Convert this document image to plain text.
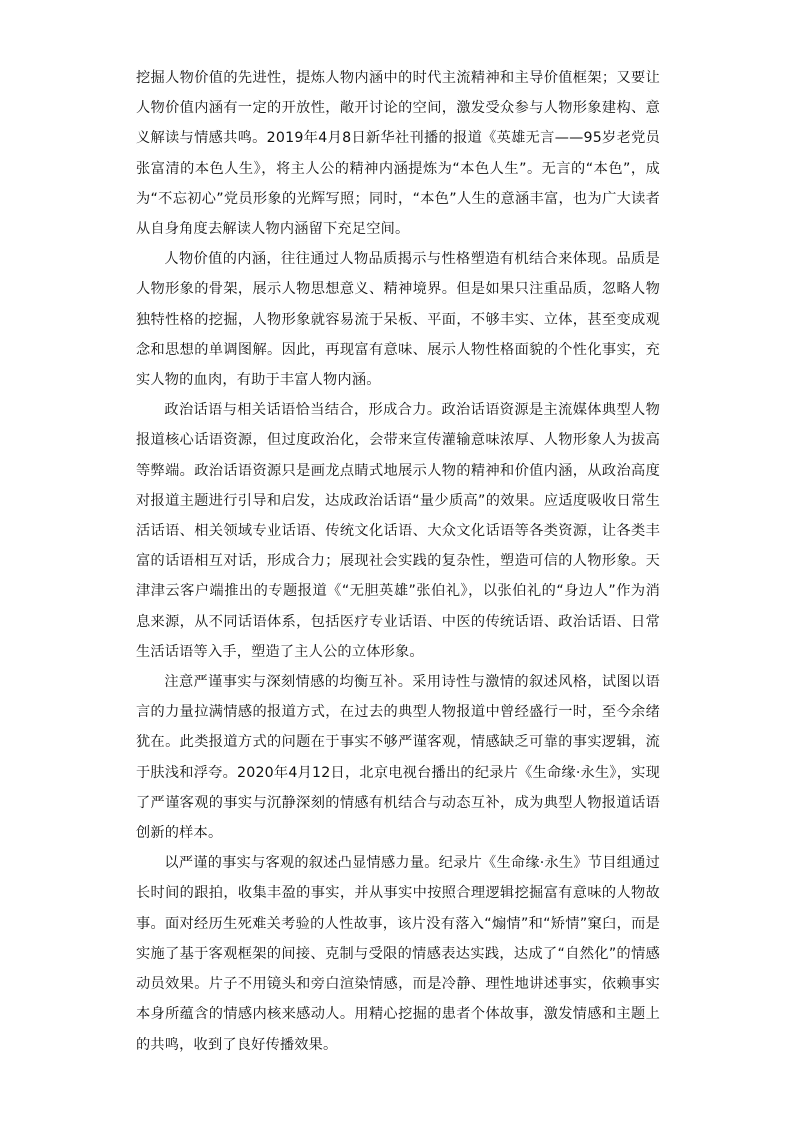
挖掘人物价值的先进性，提炼人物内涵中的时代主流精神和主导价值框架；又要让人物价值内涵有一定的开放性，敞开讨论的空间，激发受众参与人物形象建构、意义解读与情感共鸣。2019年4月8日新华社刊播的报道《英雄无言——95岁老党员张富清的本色人生》，将主人公的精神内涵提炼为“本色人生”。无言的“本色”，成为“不忘初心”党员形象的光辉写照；同时，“本色”人生的意涵丰富，也为广大读者从自身角度去解读人物内涵留下充足空间。

人物价值的内涵，往往通过人物品质揭示与性格塑造有机结合来体现。品质是人物形象的骨架，展示人物思想意义、精神境界。但是如果只注重品质，忽略人物独特性格的挖掘，人物形象就容易流于呆板、平面，不够丰实、立体，甚至变成观念和思想的单调图解。因此，再现富有意味、展示人物性格面貌的个性化事实，充实人物的血肉，有助于丰富人物内涵。

政治话语与相关话语恰当结合，形成合力。政治话语资源是主流媒体典型人物报道核心话语资源，但过度政治化，会带来宣传灌输意味浓厚、人物形象人为拔高等弊端。政治话语资源只是画龙点睛式地展示人物的精神和价值内涵，从政治高度对报道主题进行引导和启发，达成政治话语“量少质高”的效果。应适度吸收日常生活话语、相关领域专业话语、传统文化话语、大众文化话语等各类资源，让各类丰富的话语相互对话，形成合力；展现社会实践的复杂性，塑造可信的人物形象。天津津云客户端推出的专题报道《“无胆英雄”张伯礼》，以张伯礼的“身边人”作为消息来源，从不同话语体系，包括医疗专业话语、中医的传统话语、政治话语、日常生活话语等入手，塑造了主人公的立体形象。

注意严谨事实与深刻情感的均衡互补。采用诗性与激情的叙述风格，试图以语言的力量拉满情感的报道方式，在过去的典型人物报道中曾经盛行一时，至今余绪犹在。此类报道方式的问题在于事实不够严谨客观，情感缺乏可靠的事实逻辑，流于肤浅和浮夸。2020年4月12日，北京电视台播出的纪录片《生命缘·永生》，实现了严谨客观的事实与沉静深刻的情感有机结合与动态互补，成为典型人物报道话语创新的样本。

以严谨的事实与客观的叙述凸显情感力量。纪录片《生命缘·永生》节目组通过长时间的跟拍，收集丰盈的事实，并从事实中按照合理逻辑挖掘富有意味的人物故事。面对经历生死难关考验的人性故事，该片没有落入“煽情”和“矫情”窠臼，而是实施了基于客观框架的间接、克制与受限的情感表达实践，达成了“自然化”的情感动员效果。片子不用镜头和旁白渲染情感，而是冷静、理性地讲述事实，依赖事实本身所蕴含的情感内核来感动人。用精心挖掘的患者个体故事，激发情感和主题上的共鸣，收到了良好传播效果。
